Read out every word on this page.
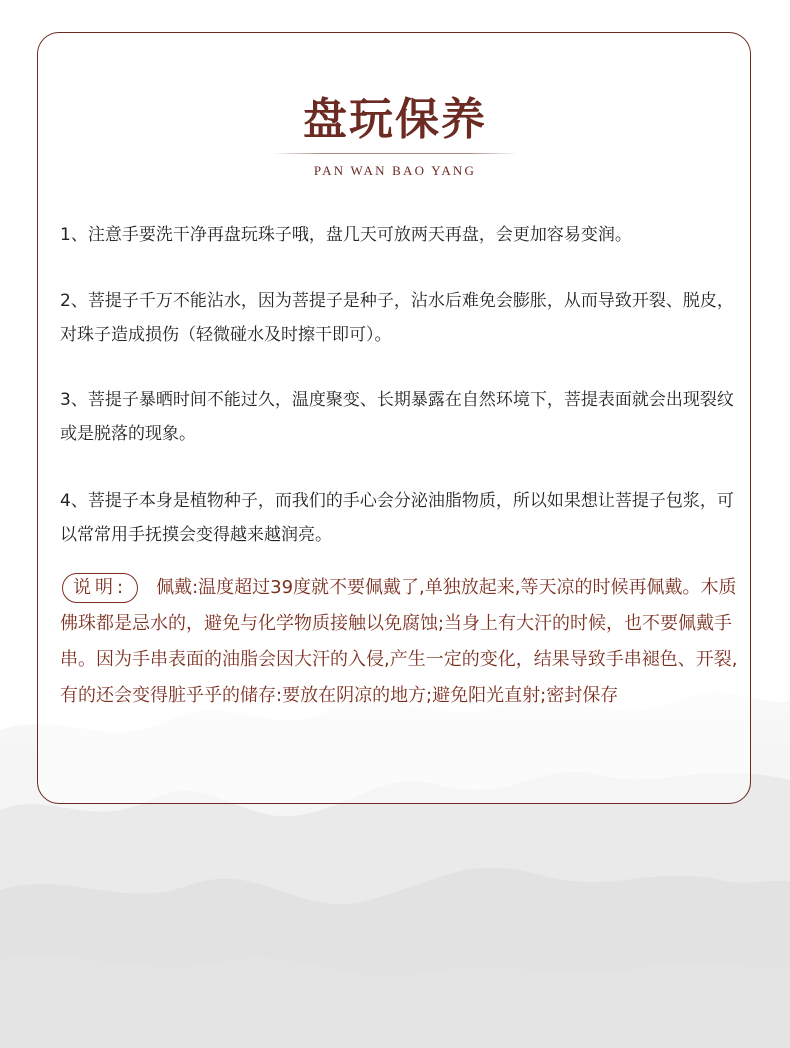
盘玩保养
PAN WAN BAO YANG
1、注意手要洗干净再盘玩珠子哦，盘几天可放两天再盘，会更加容易变润。
2、菩提子千万不能沾水，因为菩提子是种子，沾水后难免会膨胀，从而导致开裂、脱皮，对珠子造成损伤（轻微碰水及时擦干即可）。
3、菩提子暴晒时间不能过久，温度聚变、长期暴露在自然环境下，菩提表面就会出现裂纹或是脱落的现象。
4、菩提子本身是植物种子，而我们的手心会分泌油脂物质，所以如果想让菩提子包浆，可以常常用手抚摸会变得越来越润亮。
说明: 佩戴:温度超过39度就不要佩戴了,单独放起来,等天凉的时候再佩戴。木质佛珠都是忌水的，避免与化学物质接触以免腐蚀;当身上有大汗的时候，也不要佩戴手串。因为手串表面的油脂会因大汗的入侵,产生一定的变化，结果导致手串褪色、开裂,有的还会变得脏乎乎的储存:要放在阴凉的地方;避免阳光直射;密封保存
